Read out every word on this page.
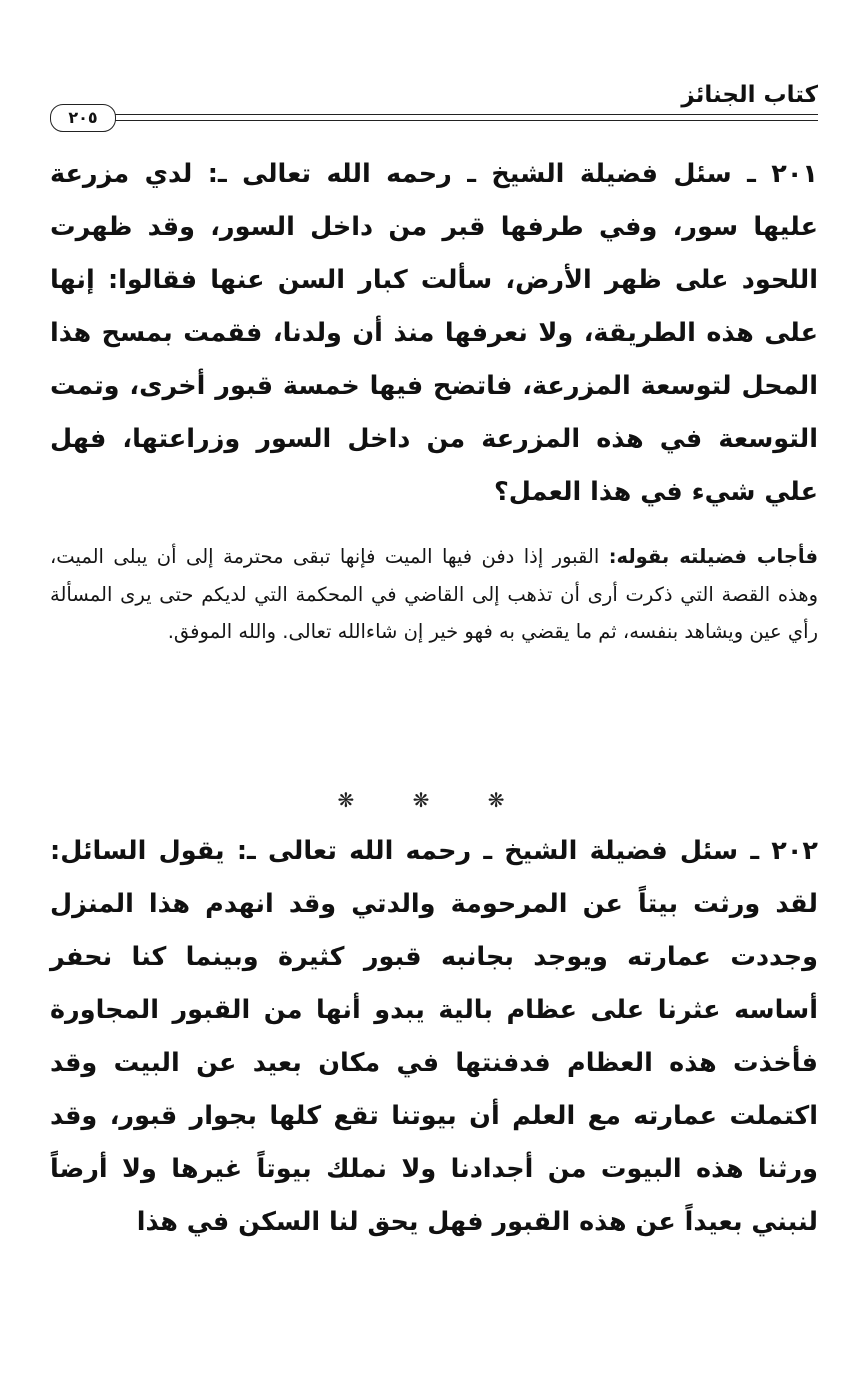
كتاب الجنائز
٢٠٥

٢٠١ ـ سئل فضيلة الشيخ ـ رحمه الله تعالى ـ: لدي مزرعة عليها سور، وفي طرفها قبر من داخل السور، وقد ظهرت اللحود على ظهر الأرض، سألت كبار السن عنها فقالوا: إنها على هذه الطريقة، ولا نعرفها منذ أن ولدنا، فقمت بمسح هذا المحل لتوسعة المزرعة، فاتضح فيها خمسة قبور أخرى، وتمت التوسعة في هذه المزرعة من داخل السور وزراعتها، فهل علي شيء في هذا العمل؟

فأجاب فضيلته بقوله: القبور إذا دفن فيها الميت فإنها تبقى محترمة إلى أن يبلى الميت، وهذه القصة التي ذكرت أرى أن تذهب إلى القاضي في المحكمة التي لديكم حتى يرى المسألة رأي عين ويشاهد بنفسه، ثم ما يقضي به فهو خير إن شاءالله تعالى. والله الموفق.

❋ ❋ ❋

٢٠٢ ـ سئل فضيلة الشيخ ـ رحمه الله تعالى ـ: يقول السائل: لقد ورثت بيتاً عن المرحومة والدتي وقد انهدم هذا المنزل وجددت عمارته ويوجد بجانبه قبور كثيرة وبينما كنا نحفر أساسه عثرنا على عظام بالية يبدو أنها من القبور المجاورة فأخذت هذه العظام فدفنتها في مكان بعيد عن البيت وقد اكتملت عمارته مع العلم أن بيوتنا تقع كلها بجوار قبور، وقد ورثنا هذه البيوت من أجدادنا ولا نملك بيوتاً غيرها ولا أرضاً لنبني بعيداً عن هذه القبور فهل يحق لنا السكن في هذا
